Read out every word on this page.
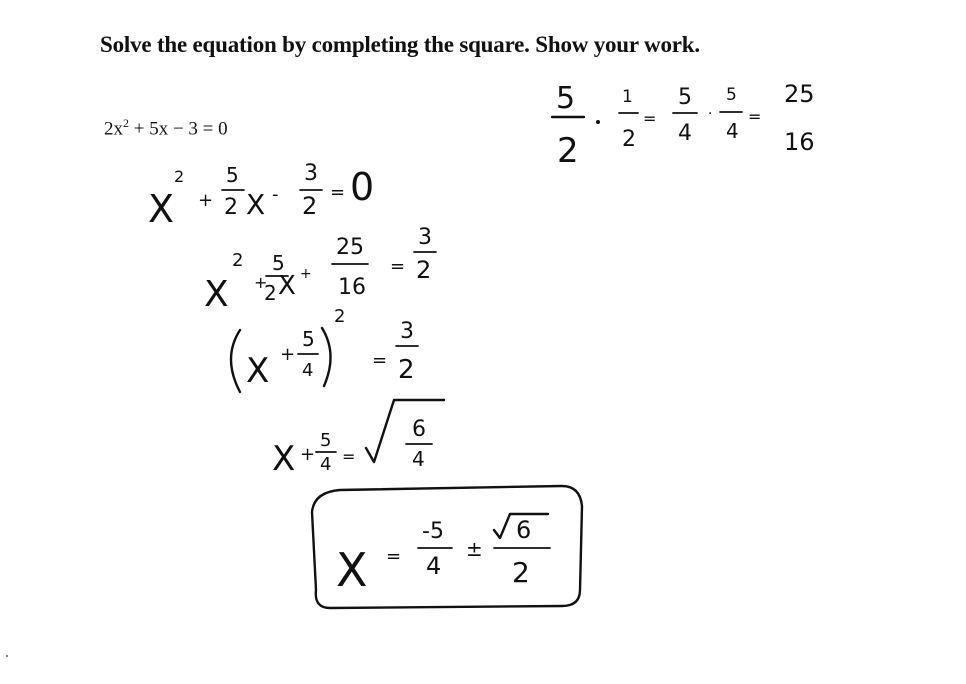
Solve the equation by completing the square. Show your work.
$2x^2 + 5x - 3 = 0$
5
2
1
2
=
5
4
·
5
4
=
25
16
X
2
+
5
2 X -
3
2 = 0
X
2
+
5
2 X +
25
16
=
3
2
X +
5
4
2
=
3
2
X +
5
4 =
6
4
X =
-5
4
±
6
2
